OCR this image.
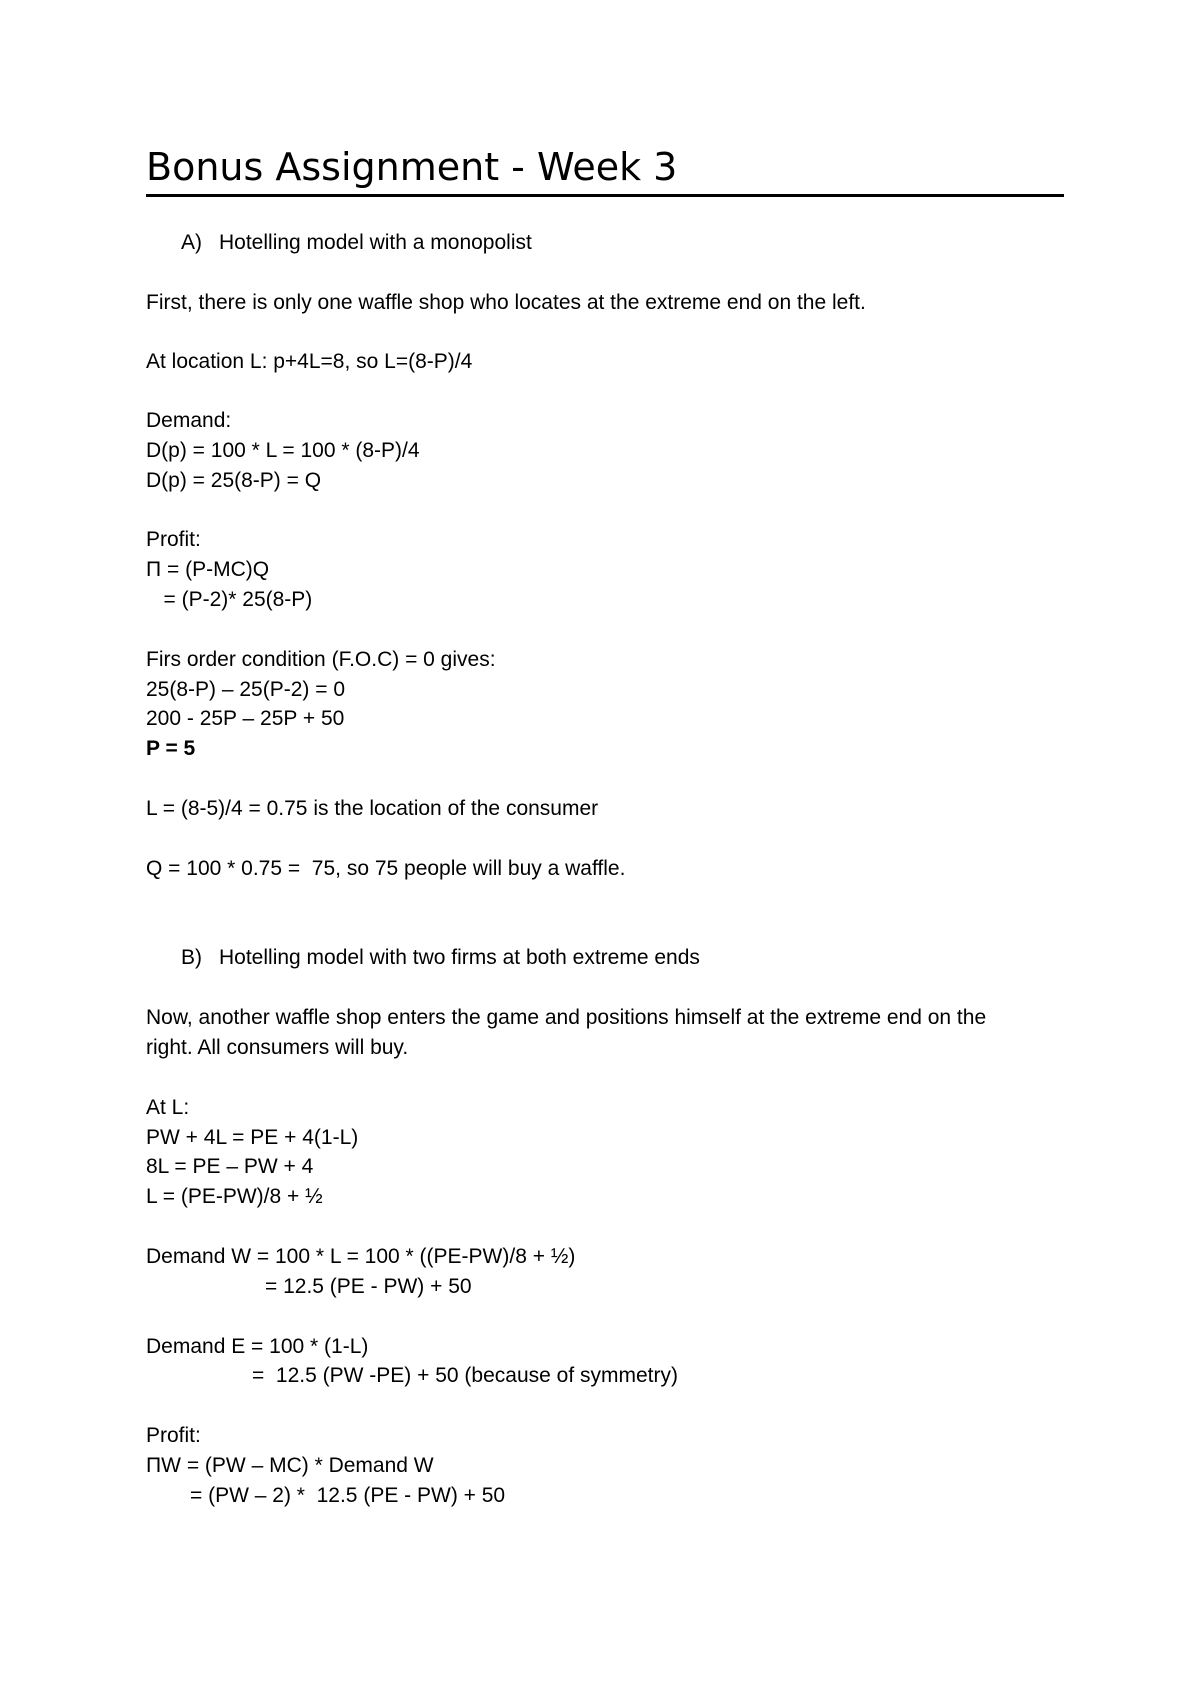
Bonus Assignment - Week 3
A) Hotelling model with a monopolist
First, there is only one waffle shop who locates at the extreme end on the left.
At location L: p+4L=8, so L=(8-P)/4
Demand:
D(p) = 100 * L = 100 * (8-P)/4
D(p) = 25(8-P) = Q
Profit:
Π = (P-MC)Q
= (P-2)* 25(8-P)
Firs order condition (F.O.C) = 0 gives:
25(8-P) – 25(P-2) = 0
200 - 25P – 25P + 50
P = 5
L = (8-5)/4 = 0.75 is the location of the consumer
Q = 100 * 0.75 =  75, so 75 people will buy a waffle.
B) Hotelling model with two firms at both extreme ends
Now, another waffle shop enters the game and positions himself at the extreme end on the
right. All consumers will buy.
At L:
PW + 4L = PE + 4(1-L)
8L = PE – PW + 4
L = (PE-PW)/8 + ½
Demand W = 100 * L = 100 * ((PE-PW)/8 + ½)
= 12.5 (PE - PW) + 50
Demand E = 100 * (1-L)
=  12.5 (PW -PE) + 50 (because of symmetry)
Profit:
ΠW = (PW – MC) * Demand W
= (PW – 2) *  12.5 (PE - PW) + 50
